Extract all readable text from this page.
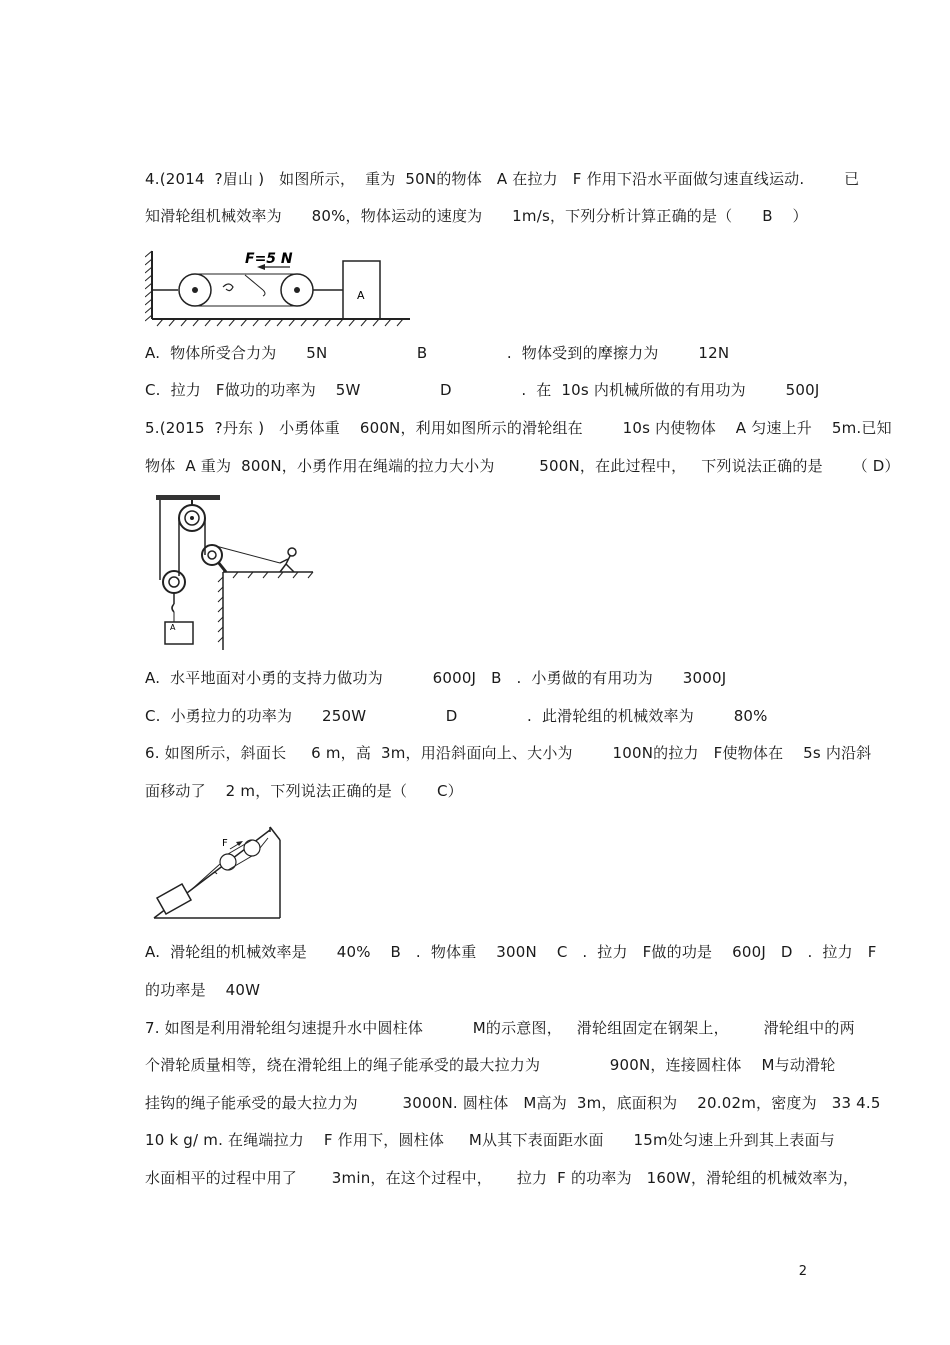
4.(2014  ?眉山 )   如图所示，  重为  50N的物体   A 在拉力   F 作用下沿水平面做匀速直线运动.        已
知滑轮组机械效率为      80%，物体运动的速度为      1m/s，下列分析计算正确的是（      B    ）
F=5 N
A
A.  物体所受合力为      5N                  B                .  物体受到的摩擦力为        12N
C.  拉力   F做功的功率为    5W                D              .  在  10s 内机械所做的有用功为        500J
5.(2015  ?丹东 )   小勇体重    600N，利用如图所示的滑轮组在        10s 内使物体    A 匀速上升    5m.已知
物体  A 重为  800N，小勇作用在绳端的拉力大小为         500N，在此过程中，   下列说法正确的是      （ D）
A
A.  水平地面对小勇的支持力做功为          6000J   B   .  小勇做的有用功为      3000J
C.  小勇拉力的功率为      250W                D              .  此滑轮组的机械效率为        80%
6. 如图所示，斜面长     6 m，高  3m，用沿斜面向上、大小为        100N的拉力   F使物体在    5s 内沿斜
面移动了    2 m，下列说法正确的是（      C）
F
A.  滑轮组的机械效率是      40%    B   .  物体重    300N    C   .  拉力   F做的功是    600J   D   .  拉力   F
的功率是    40W
7. 如图是利用滑轮组匀速提升水中圆柱体          M的示意图，   滑轮组固定在钢架上，       滑轮组中的两
个滑轮质量相等，绕在滑轮组上的绳子能承受的最大拉力为              900N，连接圆柱体    M与动滑轮
挂钩的绳子能承受的最大拉力为         3000N. 圆柱体   M高为  3m，底面积为    20.02m，密度为   33 4.5
10 k g/ m. 在绳端拉力    F 作用下，圆柱体     M从其下表面距水面      15m处匀速上升到其上表面与
水面相平的过程中用了       3min，在这个过程中，     拉力  F 的功率为   160W，滑轮组的机械效率为，
2
